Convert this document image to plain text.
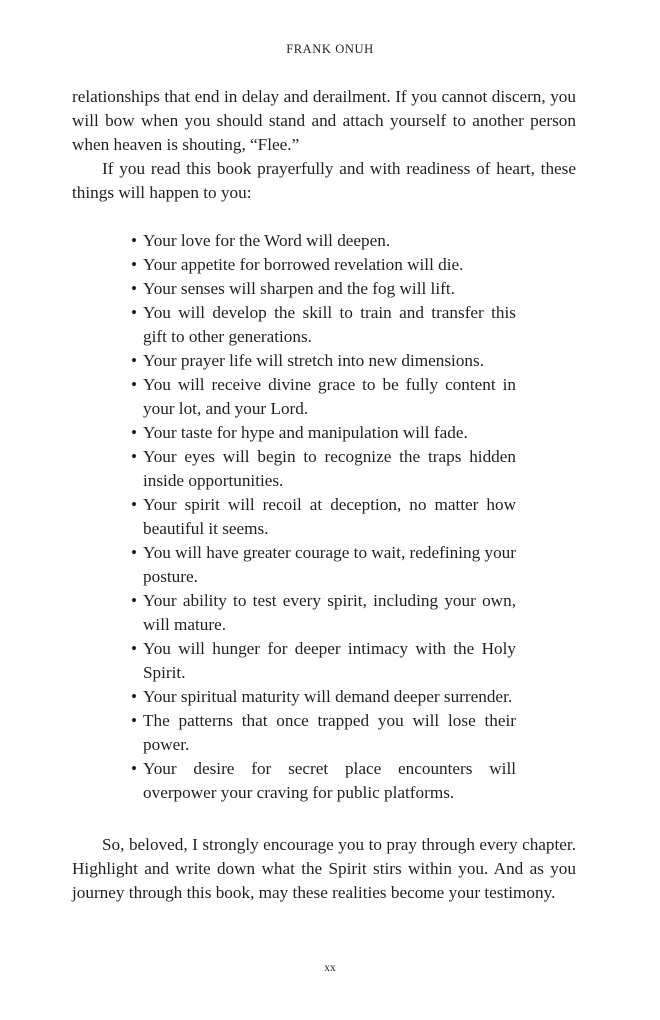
FRANK ONUH

relationships that end in delay and derailment. If you cannot discern, you will bow when you should stand and attach yourself to another person when heaven is shouting, “Flee.”

If you read this book prayerfully and with readiness of heart, these things will happen to you:

• Your love for the Word will deepen.
• Your appetite for borrowed revelation will die.
• Your senses will sharpen and the fog will lift.
• You will develop the skill to train and transfer this gift to other generations.
• Your prayer life will stretch into new dimensions.
• You will receive divine grace to be fully content in your lot, and your Lord.
• Your taste for hype and manipulation will fade.
• Your eyes will begin to recognize the traps hidden inside opportunities.
• Your spirit will recoil at deception, no matter how beautiful it seems.
• You will have greater courage to wait, redefining your posture.
• Your ability to test every spirit, including your own, will mature.
• You will hunger for deeper intimacy with the Holy Spirit.
• Your spiritual maturity will demand deeper surrender.
• The patterns that once trapped you will lose their power.
• Your desire for secret place encounters will overpower your craving for public platforms.

So, beloved, I strongly encourage you to pray through every chapter. Highlight and write down what the Spirit stirs within you. And as you journey through this book, may these realities become your testimony.

xx
